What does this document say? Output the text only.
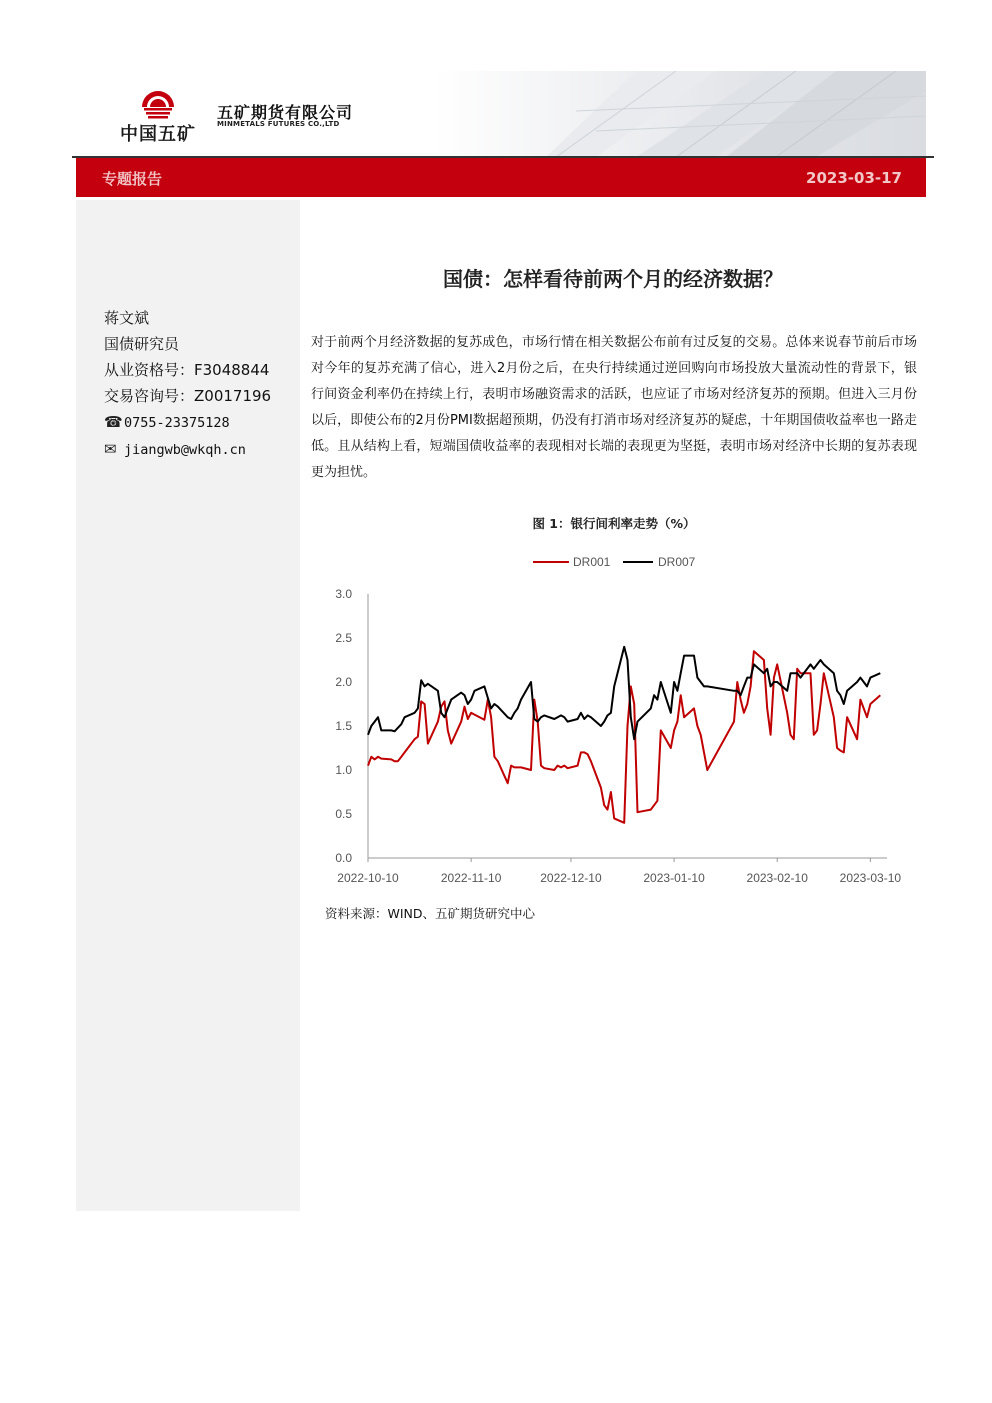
中国五矿
五矿期货有限公司
MINMETALS FUTURES CO.,LTD
专题报告	2023-03-17
蒋文斌
国债研究员
从业资格号：F3048844
交易咨询号：Z0017196
☎0755-23375128
✉ jiangwb@wkqh.cn
国债：怎样看待前两个月的经济数据？
对于前两个月经济数据的复苏成色，市场行情在相关数据公布前有过反复的交易。总体来说春节前后市场对今年的复苏充满了信心，进入2月份之后，在央行持续通过逆回购向市场投放大量流动性的背景下，银行间资金利率仍在持续上行，表明市场融资需求的活跃，也应证了市场对经济复苏的预期。但进入三月份以后，即使公布的2月份PMI数据超预期，仍没有打消市场对经济复苏的疑虑，十年期国债收益率也一路走低。且从结构上看，短端国债收益率的表现相对长端的表现更为坚挺，表明市场对经济中长期的复苏表现更为担忧。
图 1：银行间利率走势（%）
DR001	DR007
0.0
0.5
1.0
1.5
2.0
2.5
3.0
2022-10-10	2022-11-10	2022-12-10	2023-01-10	2023-02-10	2023-03-10
资料来源：WIND、五矿期货研究中心
